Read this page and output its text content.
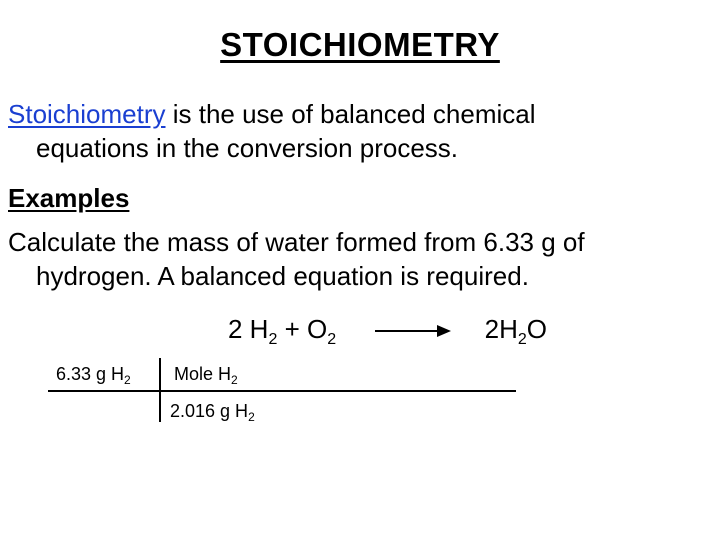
STOICHIOMETRY
Stoichiometry is the use of balanced chemical
equations in the conversion process.
Examples
Calculate the mass of water formed from 6.33 g of
hydrogen. A balanced equation is required.
2 $H_2 + O_2 \to 2H_2O$
6.33 g $H_2$ Mole $H_2$
2.016 g $H_2$
